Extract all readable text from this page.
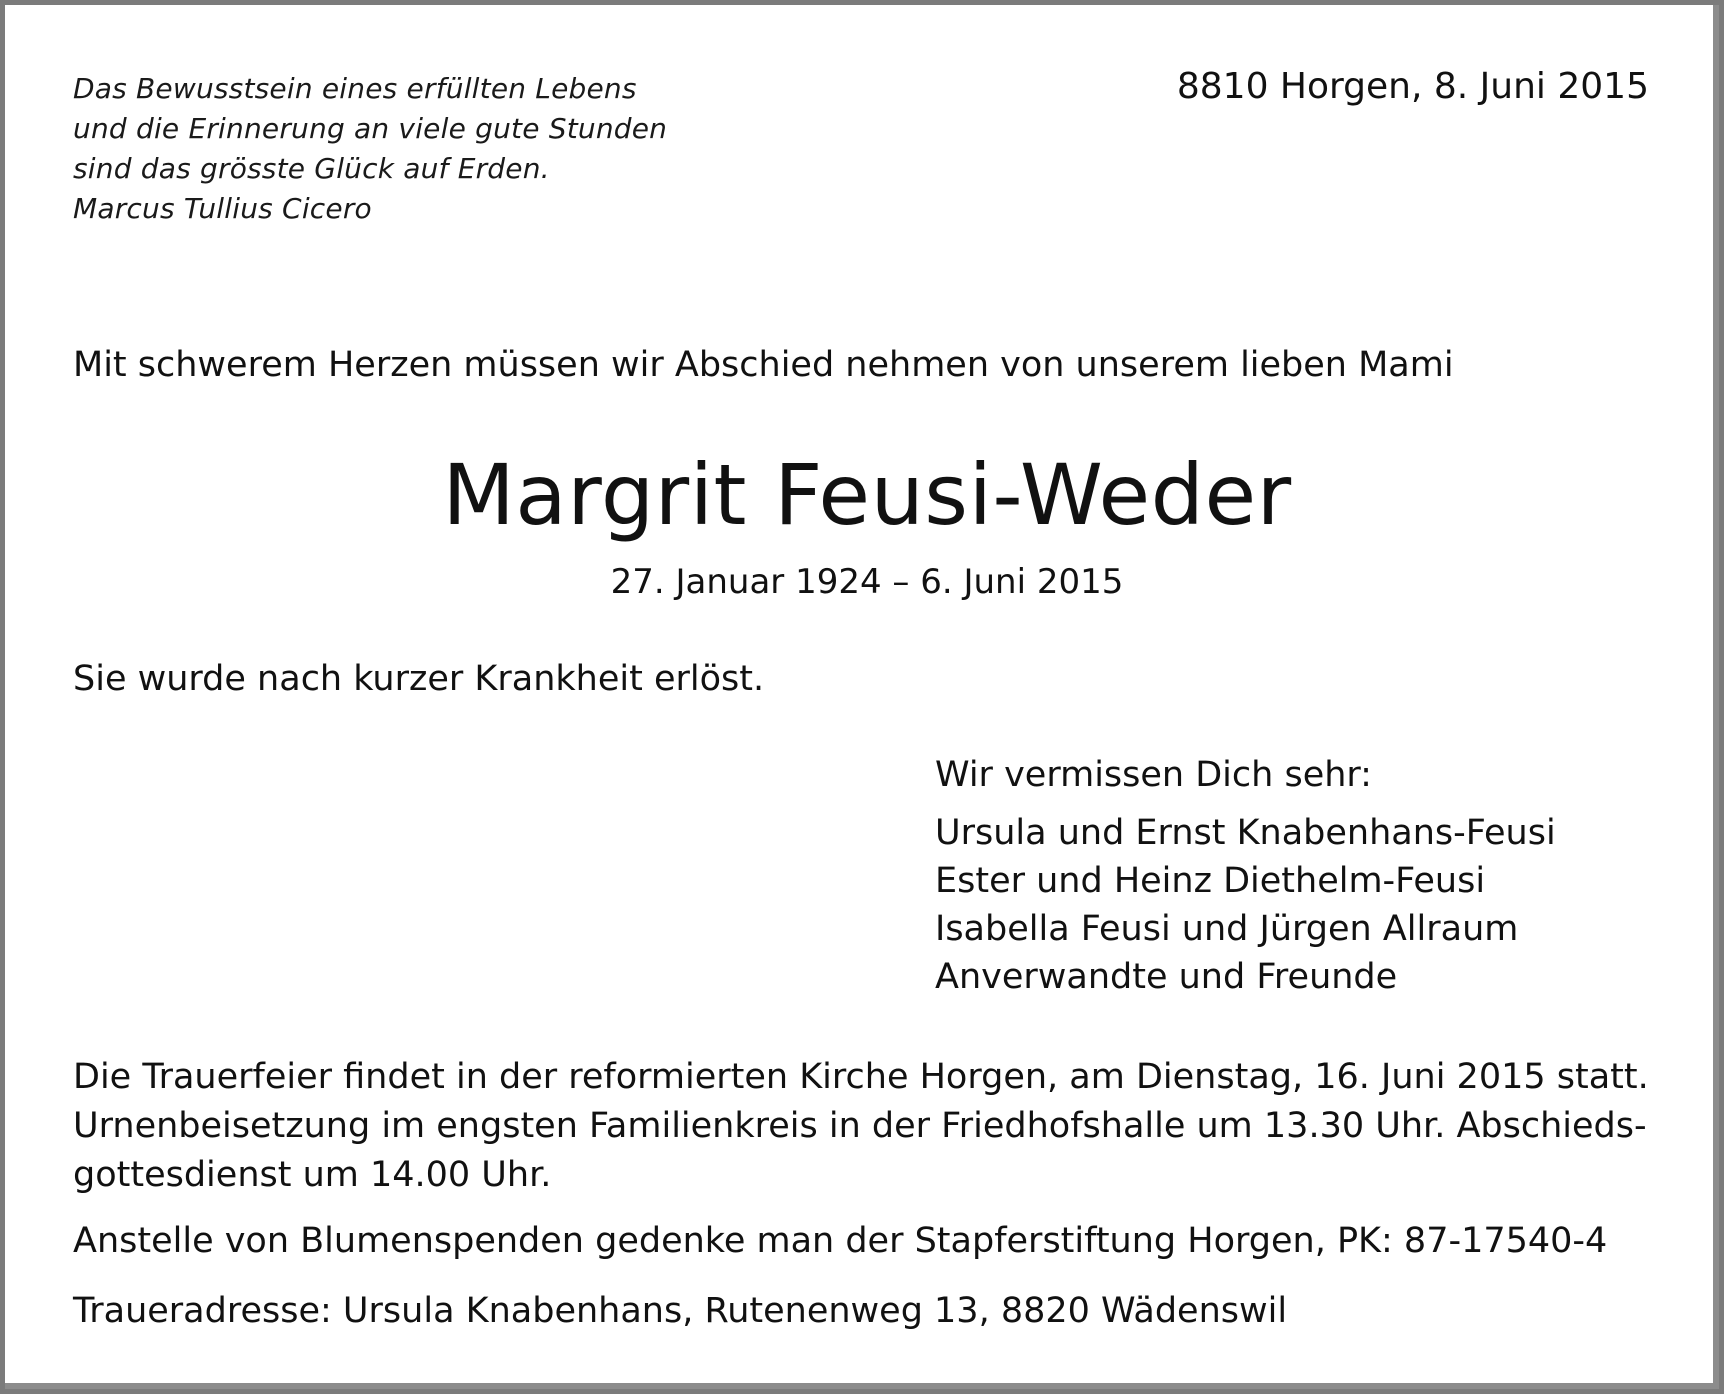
Das Bewusstsein eines erfüllten Lebens
und die Erinnerung an viele gute Stunden
sind das grösste Glück auf Erden.
Marcus Tullius Cicero
8810 Horgen, 8. Juni 2015
Mit schwerem Herzen müssen wir Abschied nehmen von unserem lieben Mami
Margrit Feusi-Weder
27. Januar 1924 – 6. Juni 2015
Sie wurde nach kurzer Krankheit erlöst.
Wir vermissen Dich sehr:
Ursula und Ernst Knabenhans-Feusi
Ester und Heinz Diethelm-Feusi
Isabella Feusi und Jürgen Allraum
Anverwandte und Freunde
Die Trauerfeier findet in der reformierten Kirche Horgen, am Dienstag, 16. Juni 2015 statt.
Urnenbeisetzung im engsten Familienkreis in der Friedhofshalle um 13.30 Uhr. Abschieds-
gottesdienst um 14.00 Uhr.
Anstelle von Blumenspenden gedenke man der Stapferstiftung Horgen, PK: 87-17540-4
Traueradresse: Ursula Knabenhans, Rutenenweg 13, 8820 Wädenswil
